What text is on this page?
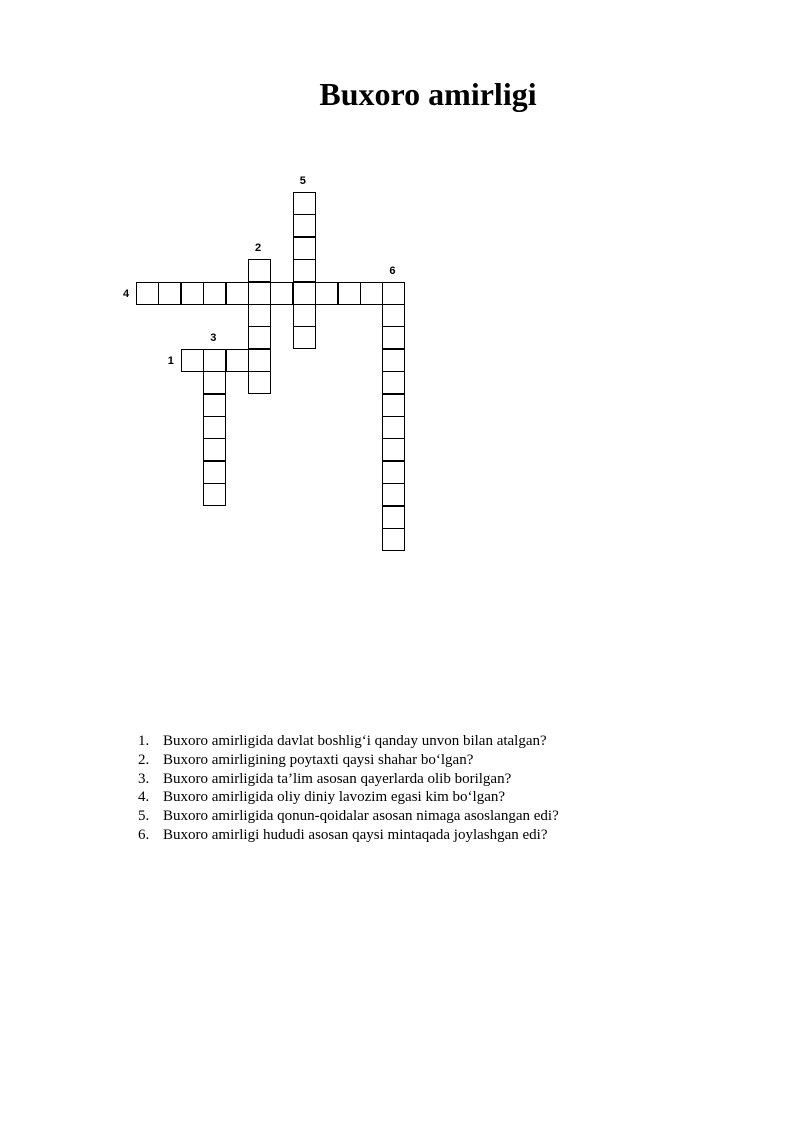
Buxoro amirligi
1
2
3
4
5
6
1. Buxoro amirligida davlat boshlig‘i qanday unvon bilan atalgan?
2. Buxoro amirligining poytaxti qaysi shahar bo‘lgan?
3. Buxoro amirligida ta’lim asosan qayerlarda olib borilgan?
4. Buxoro amirligida oliy diniy lavozim egasi kim bo‘lgan?
5. Buxoro amirligida qonun-qoidalar asosan nimaga asoslangan edi?
6. Buxoro amirligi hududi asosan qaysi mintaqada joylashgan edi?
